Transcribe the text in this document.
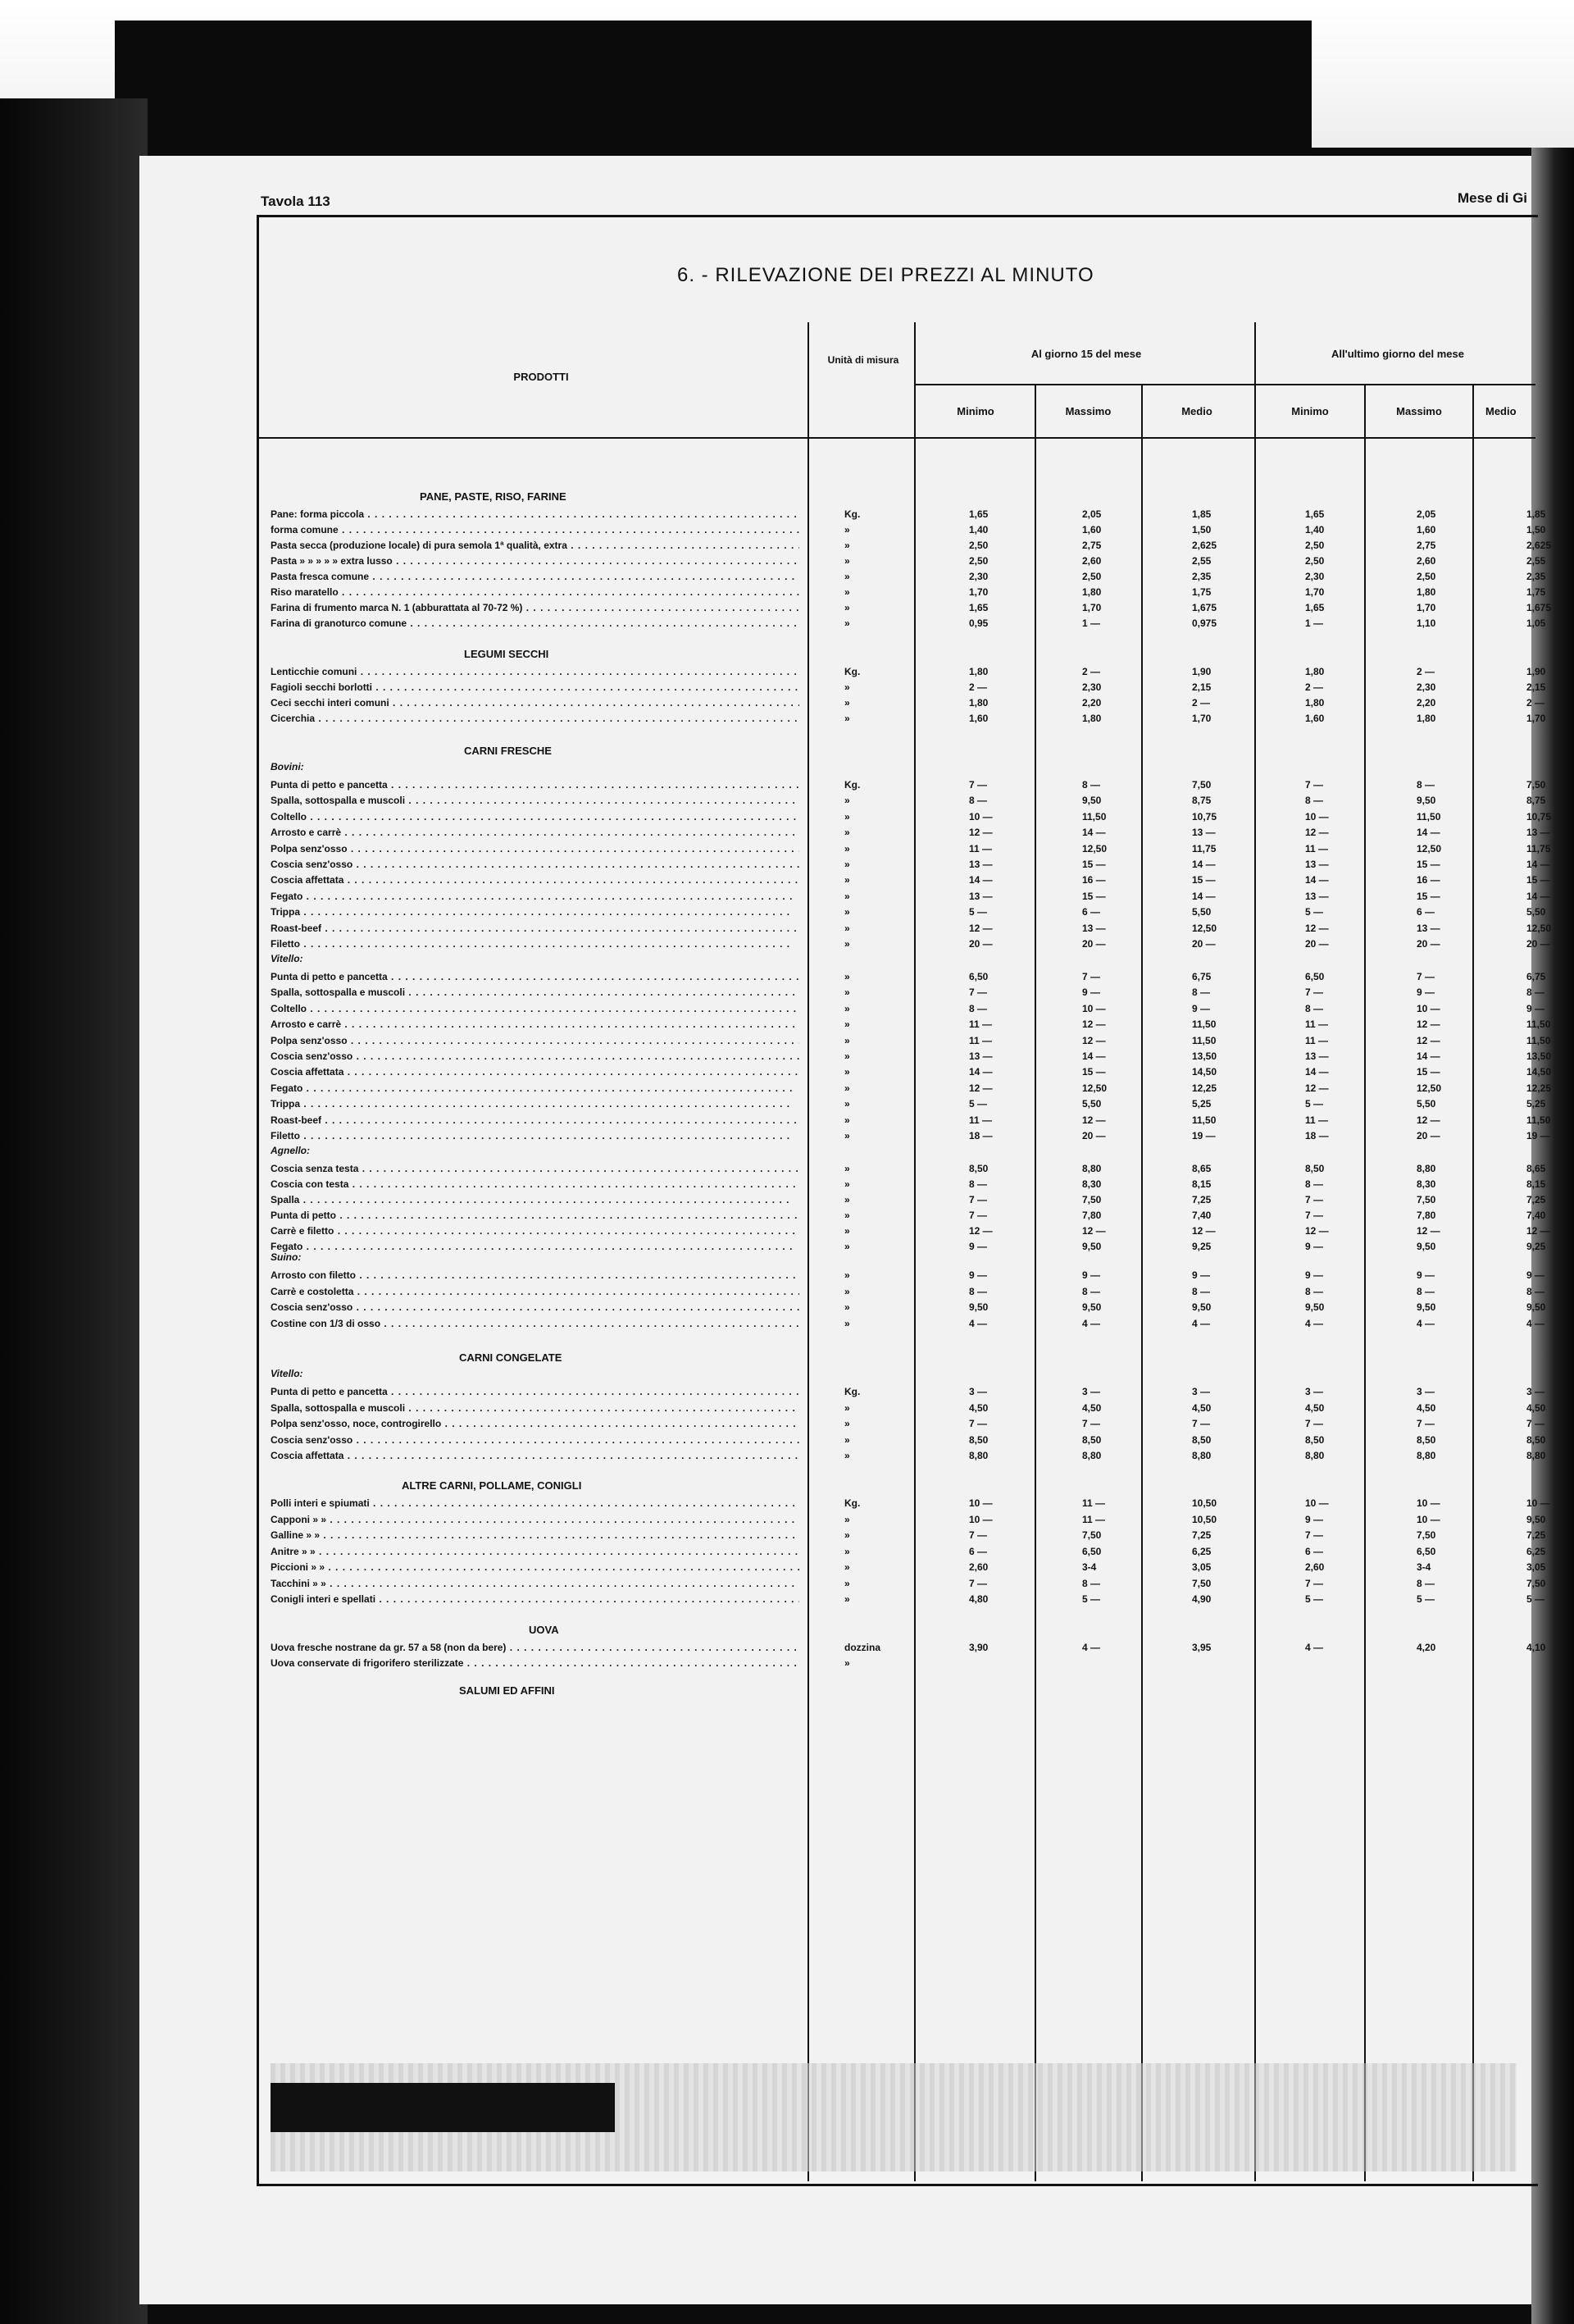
Tavola 113	Mese di Gi
6. - RILEVAZIONE DEI PREZZI AL MINUTO
PRODOTTI
Unità di misura	Al giorno 15 del mese	All'ultimo giorno del mese
Minimo	Massimo	Medio	Minimo	Massimo	Medio
PANE, PASTE, RISO, FARINE
LEGUMI SECCHI
CARNI FRESCHE
CARNI CONGELATE
ALTRE CARNI, POLLAME, CONIGLI
UOVA
SALUMI ED AFFINI
Bovini:
Vitello:
Agnello:
Suino:
Vitello:
Pane: forma piccola . . .	Kg.	1,65	2,05	1,85	1,65	2,05	1,85
forma comune . . .	»	1,40	1,60	1,50	1,40	1,60	1,50
Pasta secca (produzione locale) di pura semola 1ª qualità, extra . . .	»	2,50	2,75	2,625	2,50	2,75	2,625
Pasta » » » » » extra lusso . . .	»	2,50	2,60	2,55	2,50	2,60	2,55
Pasta fresca comune . . .	»	2,30	2,50	2,35	2,30	2,50	2,35
Riso maratello . . .	»	1,70	1,80	1,75	1,70	1,80	1,75
Farina di frumento marca N. 1 (abburattata al 70-72 %) . . .	»	1,65	1,70	1,675	1,65	1,70	1,675
Farina di granoturco comune . . .	»	0,95	1 —	0,975	1 —	1,10	1,05
Lenticchie comuni . . .	Kg.	1,80	2 —	1,90	1,80	2 —	1,90
Fagioli secchi borlotti . . .	»	2 —	2,30	2,15	2 —	2,30	2,15
Ceci secchi interi comuni . . .	»	1,80	2,20	2 —	1,80	2,20	2 —
Cicerchia . . .	»	1,60	1,80	1,70	1,60	1,80	1,70
Punta di petto e pancetta . . .	Kg.	7 —	8 —	7,50	7 —	8 —	7,50
Spalla, sottospalla e muscoli . . .	»	8 —	9,50	8,75	8 —	9,50	8,75
Coltello . . .	»	10 —	11,50	10,75	10 —	11,50	10,75
Arrosto e carrè . . .	»	12 —	14 —	13 —	12 —	14 —	13 —
Polpa senz'osso . . .	»	11 —	12,50	11,75	11 —	12,50	11,75
Coscia senz'osso . . .	»	13 —	15 —	14 —	13 —	15 —	14 —
Coscia affettata . . .	»	14 —	16 —	15 —	14 —	16 —	15 —
Fegato . . .	»	13 —	15 —	14 —	13 —	15 —	14 —
Trippa . . .	»	5 —	6 —	5,50	5 —	6 —	5,50
Roast-beef . . .	»	12 —	13 —	12,50	12 —	13 —	12,50
Filetto . . .	»	20 —	20 —	20 —	20 —	20 —	20 —
Punta di petto e pancetta . . .	»	6,50	7 —	6,75	6,50	7 —	6,75
Spalla, sottospalla e muscoli . . .	»	7 —	9 —	8 —	7 —	9 —	8 —
Coltello . . .	»	8 —	10 —	9 —	8 —	10 —	9 —
Arrosto e carrè . . .	»	11 —	12 —	11,50	11 —	12 —	11,50
Polpa senz'osso . . .	»	11 —	12 —	11,50	11 —	12 —	11,50
Coscia senz'osso . . .	»	13 —	14 —	13,50	13 —	14 —	13,50
Coscia affettata . . .	»	14 —	15 —	14,50	14 —	15 —	14,50
Fegato . . .	»	12 —	12,50	12,25	12 —	12,50	12,25
Trippa . . .	»	5 —	5,50	5,25	5 —	5,50	5,25
Roast-beef . . .	»	11 —	12 —	11,50	11 —	12 —	11,50
Filetto . . .	»	18 —	20 —	19 —	18 —	20 —	19 —
Coscia senza testa . . .	»	8,50	8,80	8,65	8,50	8,80	8,65
Coscia con testa . . .	»	8 —	8,30	8,15	8 —	8,30	8,15
Spalla . . .	»	7 —	7,50	7,25	7 —	7,50	7,25
Punta di petto . . .	»	7 —	7,80	7,40	7 —	7,80	7,40
Carrè e filetto . . .	»	12 —	12 —	12 —	12 —	12 —	12 —
Fegato . . .	»	9 —	9,50	9,25	9 —	9,50	9,25
Arrosto con filetto . . .	»	9 —	9 —	9 —	9 —	9 —	9 —
Carrè e costoletta . . .	»	8 —	8 —	8 —	8 —	8 —	8 —
Coscia senz'osso . . .	»	9,50	9,50	9,50	9,50	9,50	9,50
Costine con 1/3 di osso . . .	»	4 —	4 —	4 —	4 —	4 —	4 —
Punta di petto e pancetta . . .	Kg.	3 —	3 —	3 —	3 —	3 —	3 —
Spalla, sottospalla e muscoli . . .	»	4,50	4,50	4,50	4,50	4,50	4,50
Polpa senz'osso, noce, controgirello . . .	»	7 —	7 —	7 —	7 —	7 —	7 —
Coscia senz'osso . . .	»	8,50	8,50	8,50	8,50	8,50	8,50
Coscia affettata . . .	»	8,80	8,80	8,80	8,80	8,80	8,80
Polli interi e spiumati . . .	Kg.	10 —	11 —	10,50	10 —	10 —	10 —
Capponi » » . . .	»	10 —	11 —	10,50	9 —	10 —	9,50
Galline » » . . .	»	7 —	7,50	7,25	7 —	7,50	7,25
Anitre » » . . .	»	6 —	6,50	6,25	6 —	6,50	6,25
Piccioni » » . . .	»	2,60	3-4	3,05	2,60	3-4	3,05
Tacchini » » . . .	»	7 —	8 —	7,50	7 —	8 —	7,50
Conigli interi e spellati . . .	»	4,80	5 —	4,90	5 —	5 —	5 —
Uova fresche nostrane da gr. 57 a 58 (non da bere) . . .	dozzina	3,90	4 —	3,95	4 —	4,20	4,10
Uova conservate di frigorifero sterilizzate . . .	»
